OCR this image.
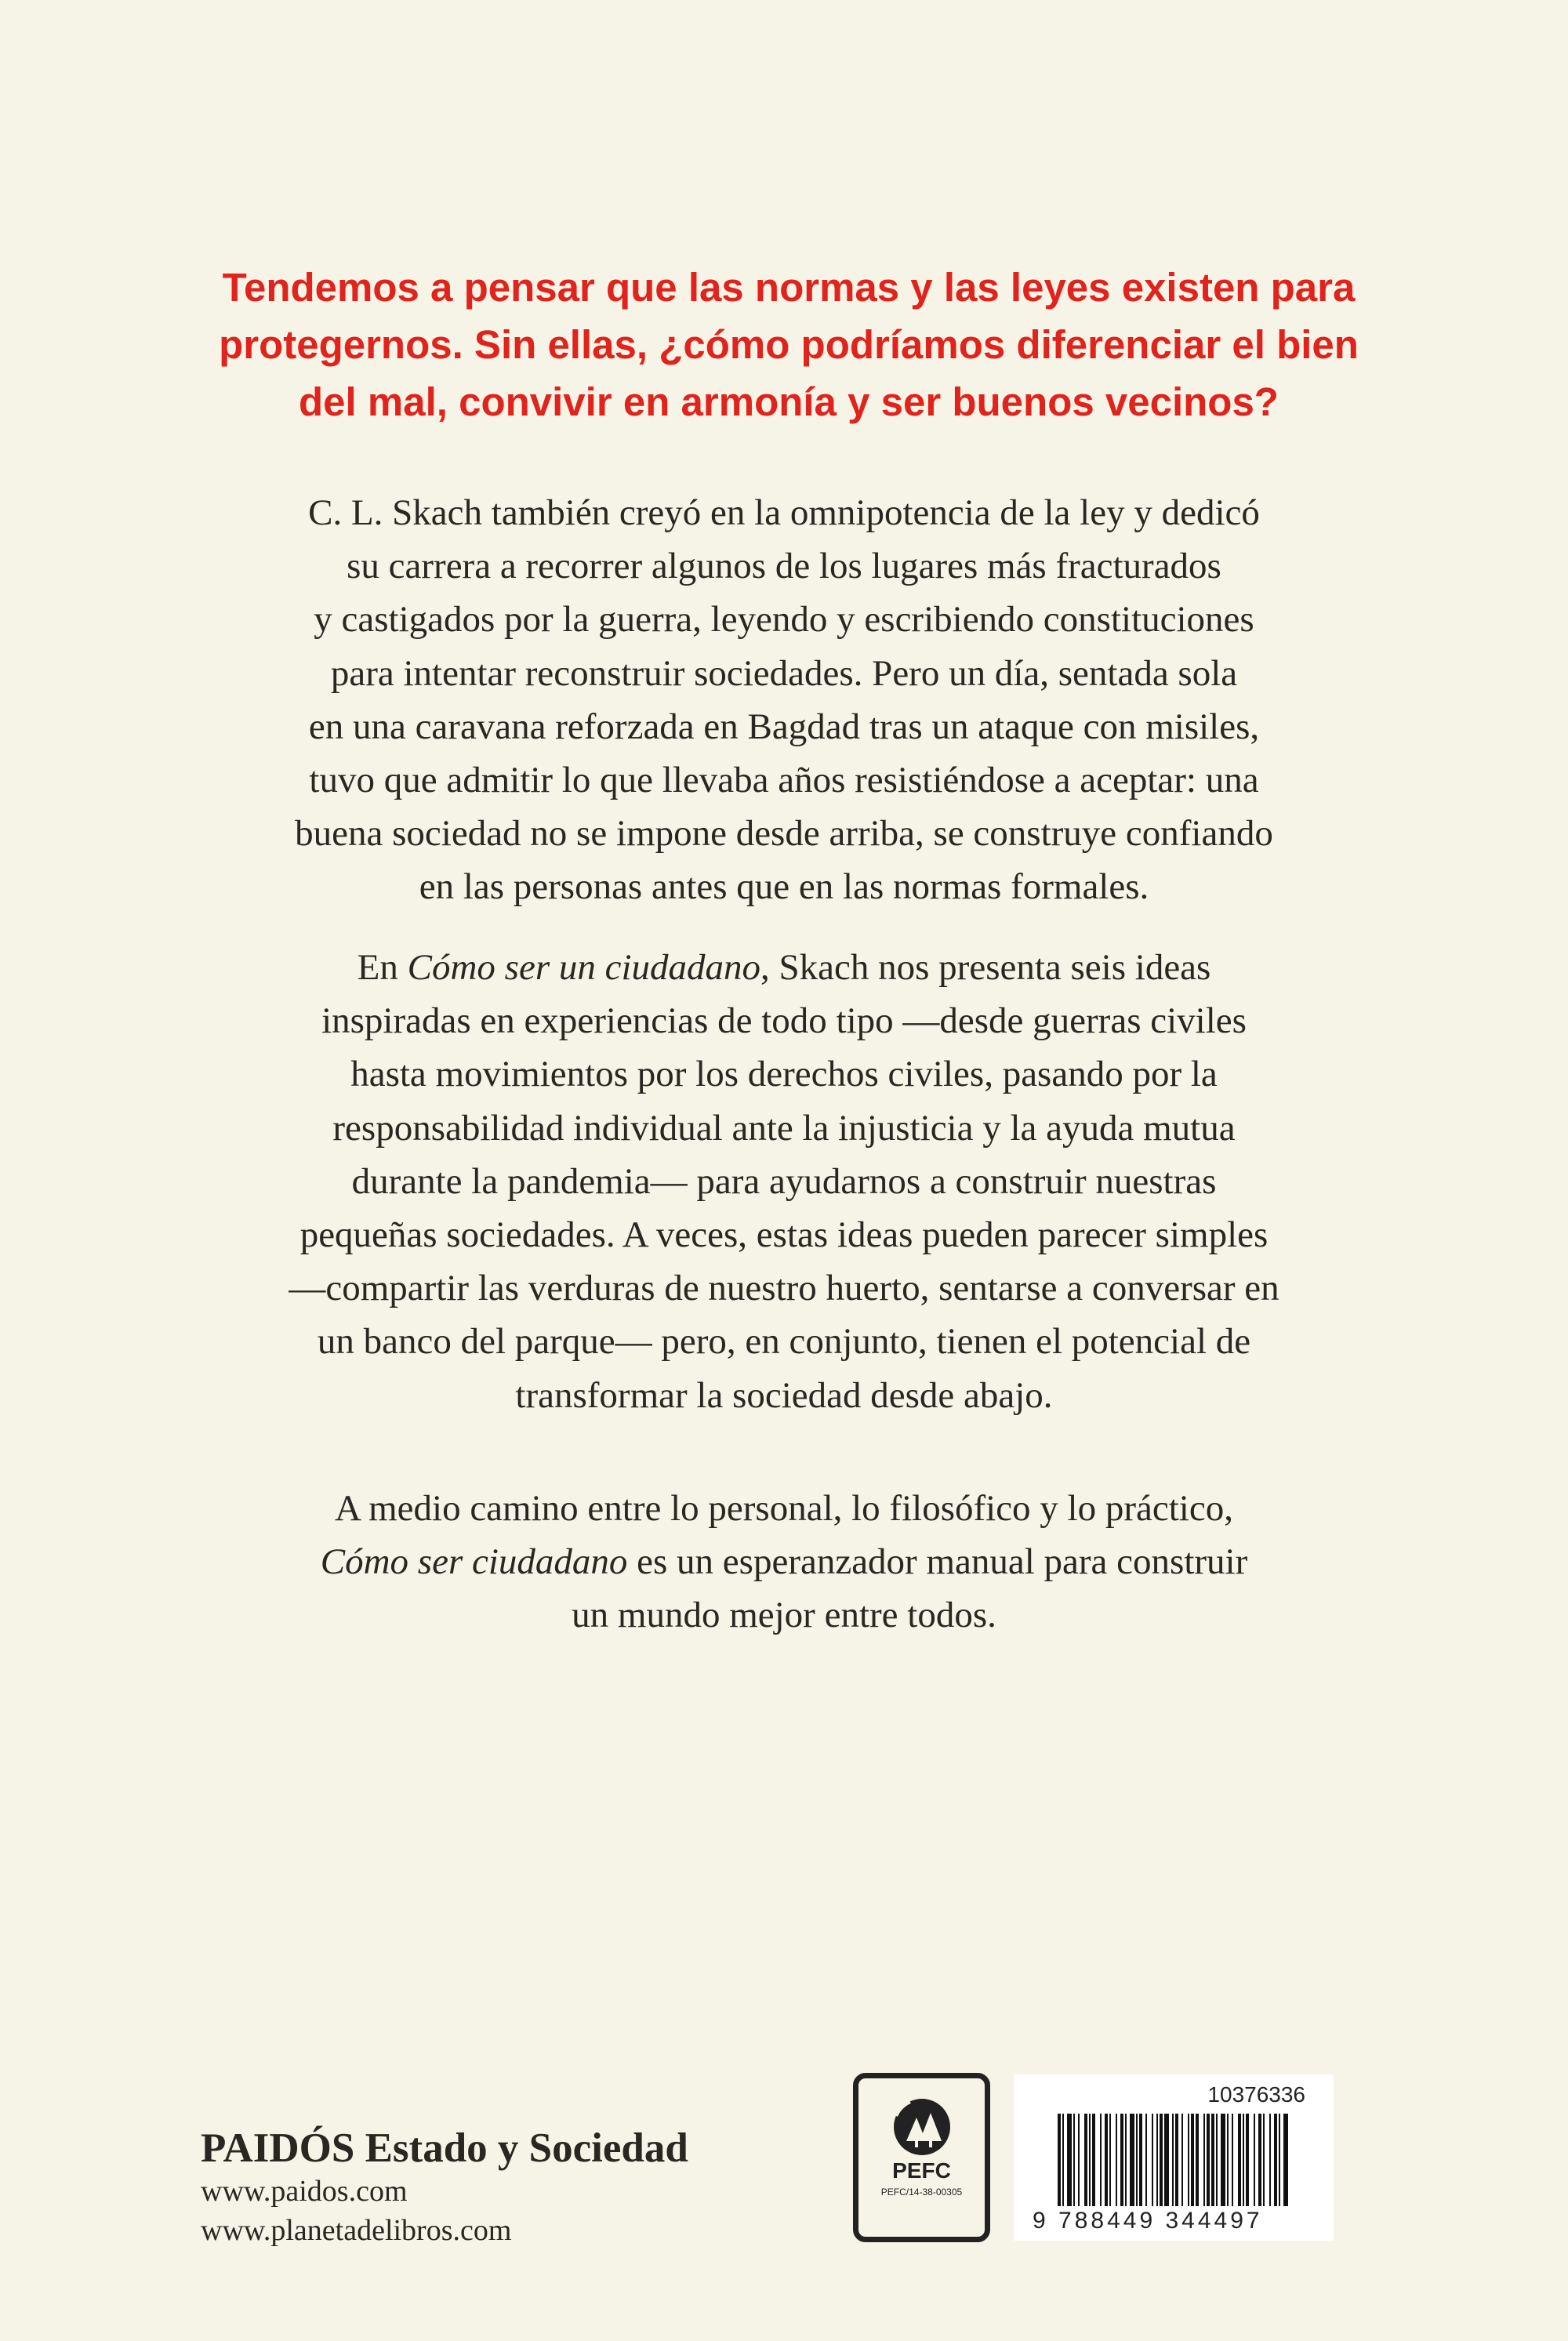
Tendemos a pensar que las normas y las leyes existen para
protegernos. Sin ellas, ¿cómo podríamos diferenciar el bien
del mal, convivir en armonía y ser buenos vecinos?
C. L. Skach también creyó en la omnipotencia de la ley y dedicó
su carrera a recorrer algunos de los lugares más fracturados
y castigados por la guerra, leyendo y escribiendo constituciones
para intentar reconstruir sociedades. Pero un día, sentada sola
en una caravana reforzada en Bagdad tras un ataque con misiles,
tuvo que admitir lo que llevaba años resistiéndose a aceptar: una
buena sociedad no se impone desde arriba, se construye confiando
en las personas antes que en las normas formales.
En Cómo ser un ciudadano, Skach nos presenta seis ideas
inspiradas en experiencias de todo tipo —desde guerras civiles
hasta movimientos por los derechos civiles, pasando por la
responsabilidad individual ante la injusticia y la ayuda mutua
durante la pandemia— para ayudarnos a construir nuestras
pequeñas sociedades. A veces, estas ideas pueden parecer simples
—compartir las verduras de nuestro huerto, sentarse a conversar en
un banco del parque— pero, en conjunto, tienen el potencial de
transformar la sociedad desde abajo.
A medio camino entre lo personal, lo filosófico y lo práctico,
Cómo ser ciudadano es un esperanzador manual para construir
un mundo mejor entre todos.
PAIDÓS Estado y Sociedad
www.paidos.com
www.planetadelibros.com
PEFC
PEFC/14-38-00305
10376336
9 788449 344497
